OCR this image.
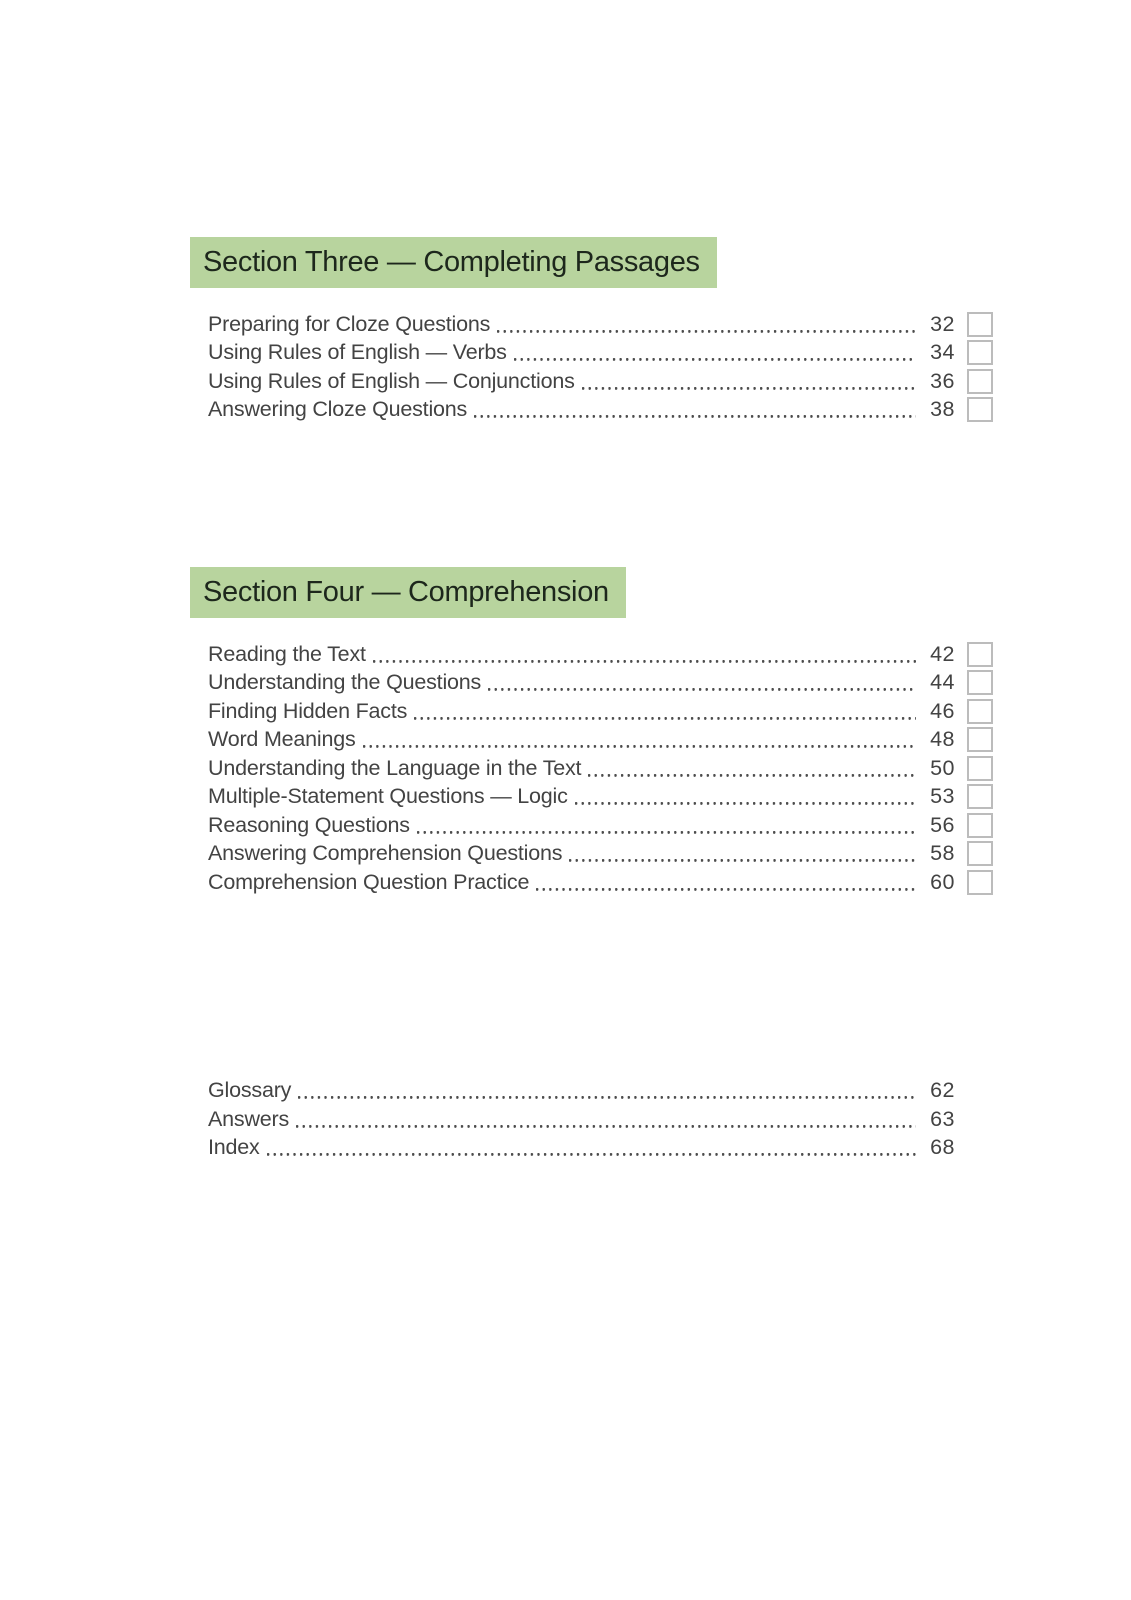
Section Three — Completing Passages
Preparing for Cloze Questions	32
Using Rules of English — Verbs	34
Using Rules of English — Conjunctions	36
Answering Cloze Questions	38
Section Four — Comprehension
Reading the Text	42
Understanding the Questions	44
Finding Hidden Facts	46
Word Meanings	48
Understanding the Language in the Text	50
Multiple-Statement Questions — Logic	53
Reasoning Questions	56
Answering Comprehension Questions	58
Comprehension Question Practice	60
Glossary	62
Answers	63
Index	68
